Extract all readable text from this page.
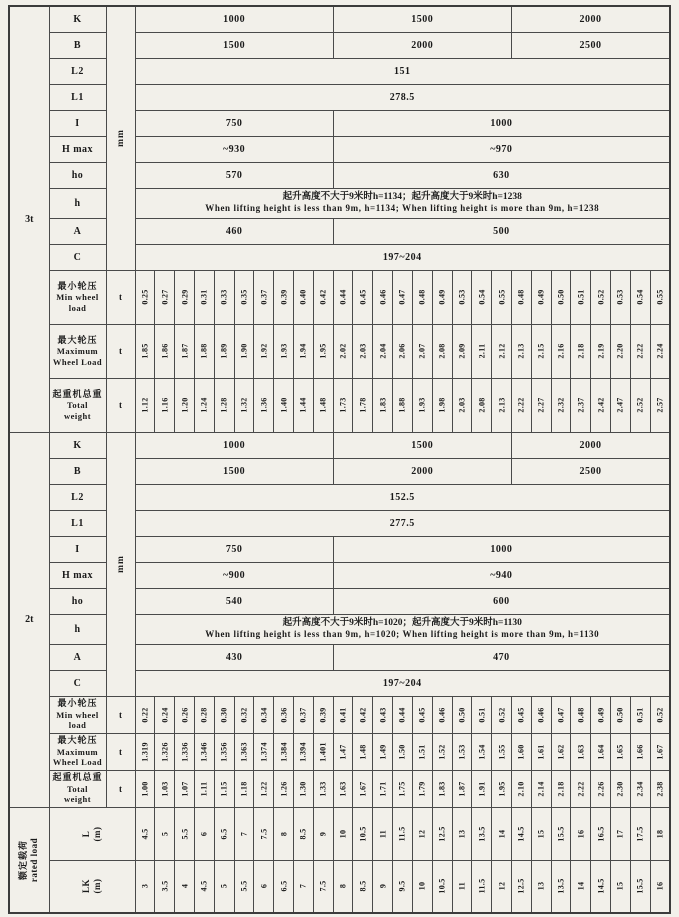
3t	K	mm	1000										1500									2000							
	B		1500										2000									2500							
	L2		151																										
	L1		278.5																										
	I		750										1000																
	H max		~930										~970																
	ho		570										630																
	h		起升高度不大于9米时h=1134；起升高度大于9米时h=1238
When lifting height is less than 9m, h=1134; When lifting height is more than 9m, h=1238																										

	A		460										500																
	C		197~204																										

	最小轮压
Min wheel
load	t	0.25	0.27	0.29	0.31	0.33	0.35	0.37	0.39	0.40	0.42	0.44	0.45	0.46	0.47	0.48	0.49	0.53	0.54	0.55	0.48	0.49	0.50	0.51	0.52	0.53	0.54	0.55

	最大轮压
Maximum
Wheel Load	t	1.85	1.86	1.87	1.88	1.89	1.90	1.92	1.93	1.94	1.95	2.02	2.03	2.04	2.06	2.07	2.08	2.09	2.11	2.12	2.13	2.15	2.16	2.18	2.19	2.20	2.22	2.24

	起重机总重
Total
weight	t	1.12	1.16	1.20	1.24	1.28	1.32	1.36	1.40	1.44	1.48	1.73	1.78	1.83	1.88	1.93	1.98	2.03	2.08	2.13	2.22	2.27	2.32	2.37	2.42	2.47	2.52	2.57

2t	K	mm	1000										1500									2000							
	B		1500										2000									2500							
	L2		152.5																										
	L1		277.5																										
	I		750										1000																
	H max		~900										~940																
	ho		540										600																
	h		起升高度不大于9米时h=1020；起升高度大于9米时h=1130
When lifting height is less than 9m, h=1020; When lifting height is more than 9m, h=1130																										

	A		430										470																
	C		197~204																										

	最小轮压
Min wheel
load	t	0.22	0.24	0.26	0.28	0.30	0.32	0.34	0.36	0.37	0.39	0.41	0.42	0.43	0.44	0.45	0.46	0.50	0.51	0.52	0.45	0.46	0.47	0.48	0.49	0.50	0.51	0.52

	最大轮压
Maximum
Wheel Load	t	1.319	1.326	1.336	1.346	1.356	1.363	1.374	1.384	1.394	1.401	1.47	1.48	1.49	1.50	1.51	1.52	1.53	1.54	1.55	1.60	1.61	1.62	1.63	1.64	1.65	1.66	1.67

	起重机总重
Total
weight	t	1.00	1.03	1.07	1.11	1.15	1.18	1.22	1.26	1.30	1.33	1.63	1.67	1.71	1.75	1.79	1.83	1.87	1.91	1.95	2.10	2.14	2.18	2.22	2.26	2.30	2.34	2.38

额定载荷 rated load

L (m)	4.5	5	5.5	6	6.5	7	7.5	8	8.5	9	10	10.5	11	11.5	12	12.5	13	13.5	14	14.5	15	15.5	16	16.5	17	17.5	18

	LK (m)		3	3.5	4	4.5	5	5.5	6	6.5	7	7.5	8	8.5	9	9.5	10	10.5	11	11.5	12	12.5	13	13.5	14	14.5	15	15.5	16
